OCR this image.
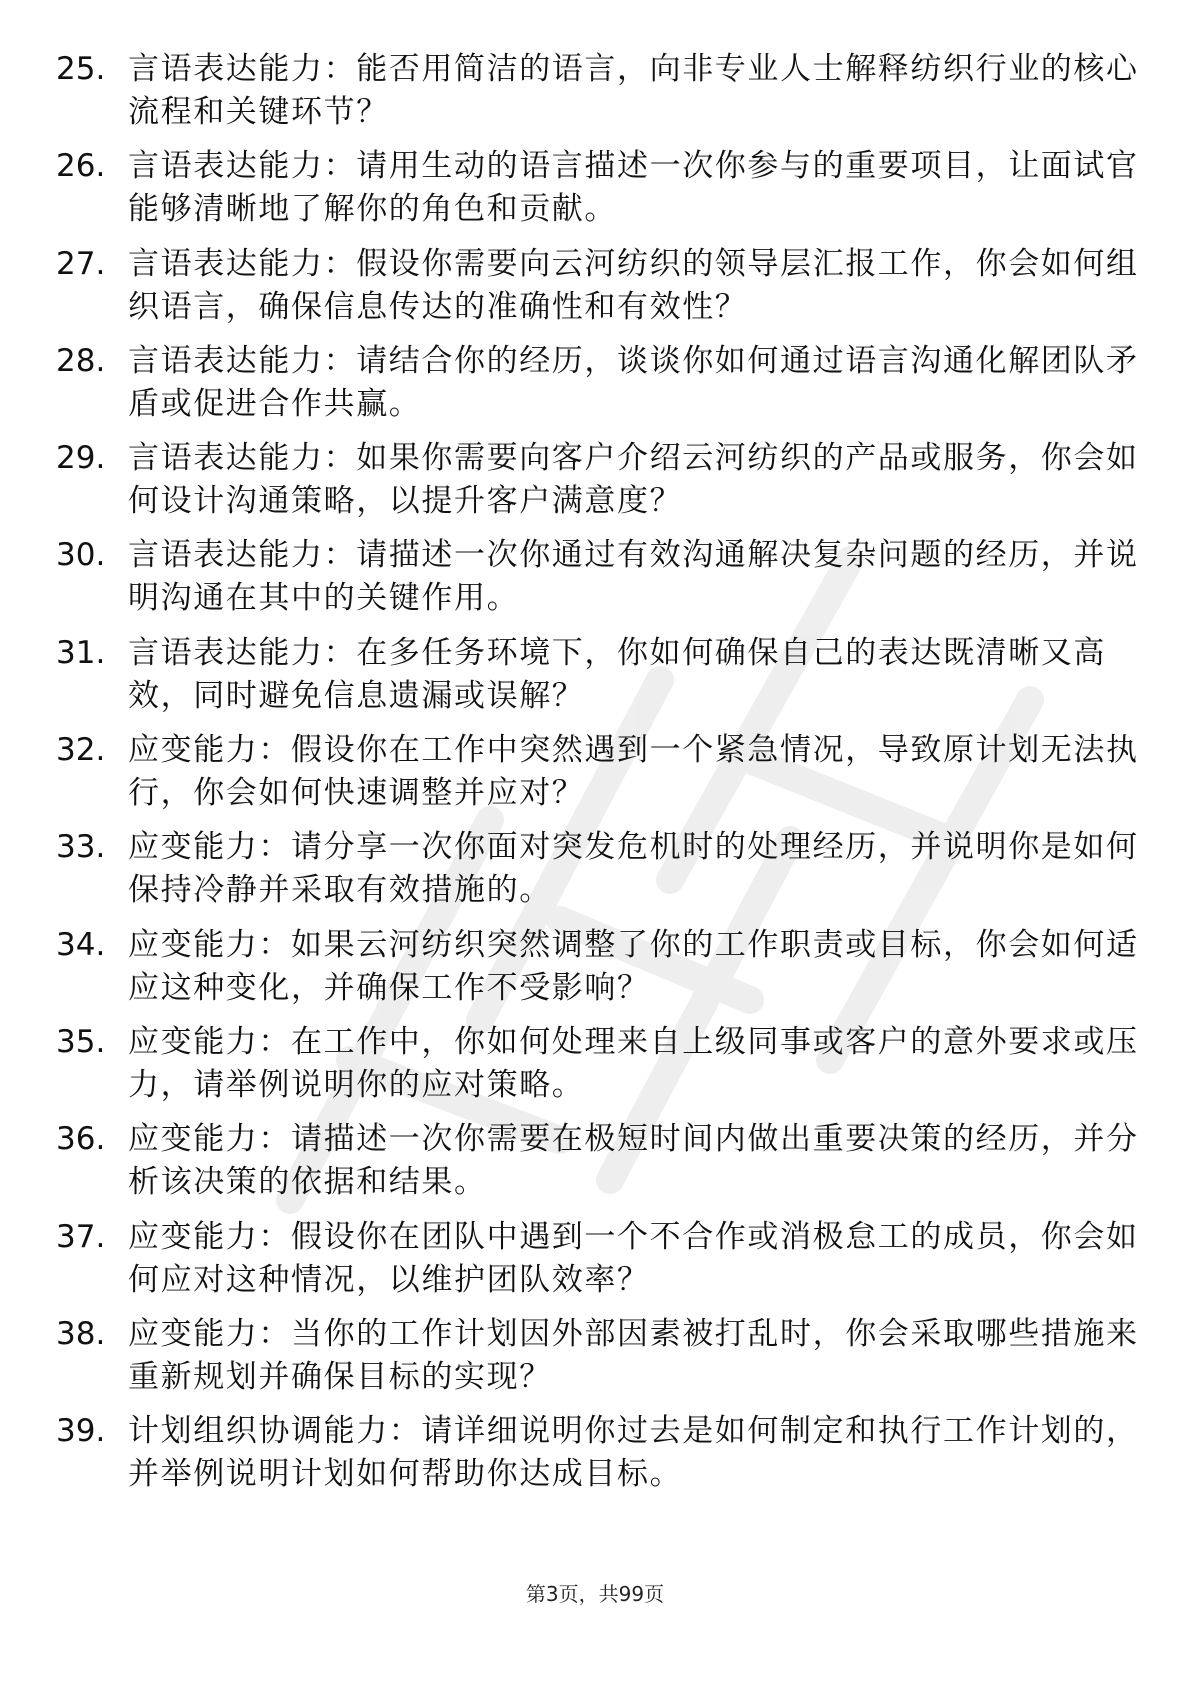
25. 言语表达能力：能否用简洁的语言，向非专业人士解释纺织行业的核心流程和关键环节？
26. 言语表达能力：请用生动的语言描述一次你参与的重要项目，让面试官能够清晰地了解你的角色和贡献。
27. 言语表达能力：假设你需要向云河纺织的领导层汇报工作，你会如何组织语言，确保信息传达的准确性和有效性？
28. 言语表达能力：请结合你的经历，谈谈你如何通过语言沟通化解团队矛盾或促进合作共赢。
29. 言语表达能力：如果你需要向客户介绍云河纺织的产品或服务，你会如何设计沟通策略，以提升客户满意度？
30. 言语表达能力：请描述一次你通过有效沟通解决复杂问题的经历，并说明沟通在其中的关键作用。
31. 言语表达能力：在多任务环境下，你如何确保自己的表达既清晰又高效，同时避免信息遗漏或误解？
32. 应变能力：假设你在工作中突然遇到一个紧急情况，导致原计划无法执行，你会如何快速调整并应对？
33. 应变能力：请分享一次你面对突发危机时的处理经历，并说明你是如何保持冷静并采取有效措施的。
34. 应变能力：如果云河纺织突然调整了你的工作职责或目标，你会如何适应这种变化，并确保工作不受影响？
35. 应变能力：在工作中，你如何处理来自上级同事或客户的意外要求或压力，请举例说明你的应对策略。
36. 应变能力：请描述一次你需要在极短时间内做出重要决策的经历，并分析该决策的依据和结果。
37. 应变能力：假设你在团队中遇到一个不合作或消极怠工的成员，你会如何应对这种情况，以维护团队效率？
38. 应变能力：当你的工作计划因外部因素被打乱时，你会采取哪些措施来重新规划并确保目标的实现？
39. 计划组织协调能力：请详细说明你过去是如何制定和执行工作计划的，并举例说明计划如何帮助你达成目标。
第3页，共99页
